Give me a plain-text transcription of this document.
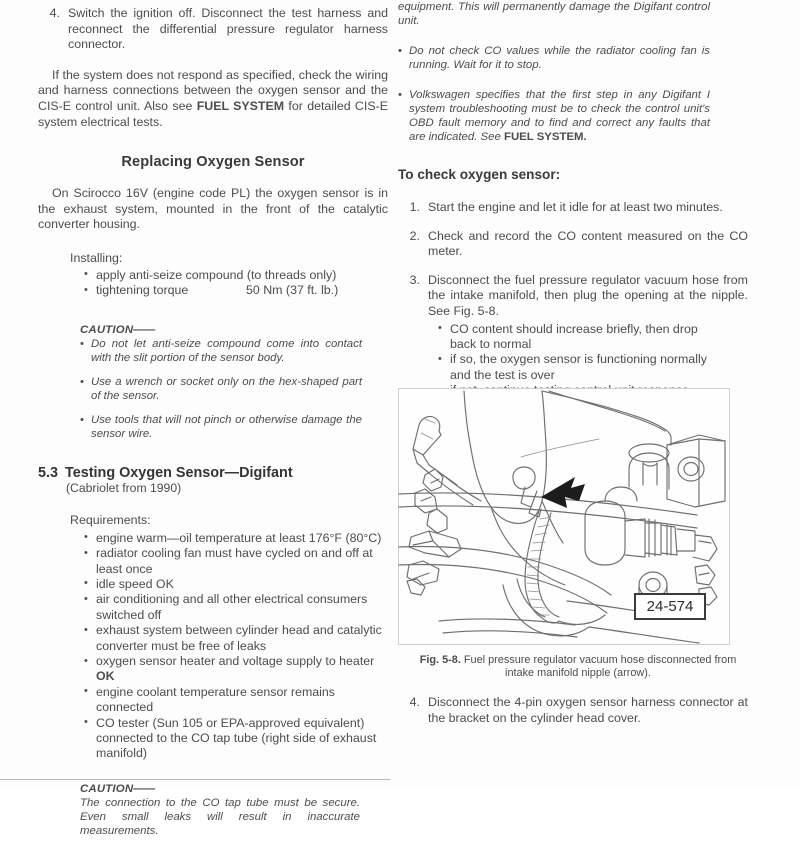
4. Switch the ignition off. Disconnect the test harness and reconnect the differential pressure regulator harness connector.

If the system does not respond as specified, check the wiring and harness connections between the oxygen sensor and the CIS-E control unit. Also see FUEL SYSTEM for detailed CIS-E system electrical tests.

Replacing Oxygen Sensor

On Scirocco 16V (engine code PL) the oxygen sensor is in the exhaust system, mounted in the front of the catalytic converter housing.

Installing:
• apply anti-seize compound (to threads only)
• tightening torque	50 Nm (37 ft. lb.)
CAUTION——

• Do not let anti-seize compound come into contact with the slit portion of the sensor body.

• Use a wrench or socket only on the hex-shaped part of the sensor.

• Use tools that will not pinch or otherwise damage the sensor wire.

5.3 Testing Oxygen Sensor—Digifant
(Cabriolet from 1990)
Requirements:
• engine warm—oil temperature at least 176°F (80°C)
• radiator cooling fan must have cycled on and off at least once
• idle speed OK
• air conditioning and all other electrical consumers switched off
• exhaust system between cylinder head and catalytic converter must be free of leaks
• oxygen sensor heater and voltage supply to heater OK
• engine coolant temperature sensor remains connected
• CO tester (Sun 105 or EPA-approved equivalent) connected to the CO tap tube (right side of exhaust manifold)
CAUTION——

The connection to the CO tap tube must be secure. Even small leaks will result in inaccurate measurements.

equipment. This will permanently damage the Digifant control unit.

• Do not check CO values while the radiator cooling fan is running. Wait for it to stop.

• Volkswagen specifies that the first step in any Digifant I system troubleshooting must be to check the control unit's OBD fault memory and to find and correct any faults that are indicated. See FUEL SYSTEM.

To check oxygen sensor:
1. Start the engine and let it idle for at least two minutes.
2. Check and record the CO content measured on the CO meter.
3. Disconnect the fuel pressure regulator vacuum hose from the intake manifold, then plug the opening at the nipple. See Fig. 5-8.
• CO content should increase briefly, then drop back to normal
• if so, the oxygen sensor is functioning normally and the test is over
•
24-574
Fig. 5-8. Fuel pressure regulator vacuum hose disconnected from intake manifold nipple (arrow).
4. Disconnect the 4-pin oxygen sensor harness connector at the bracket on the cylinder head cover.
